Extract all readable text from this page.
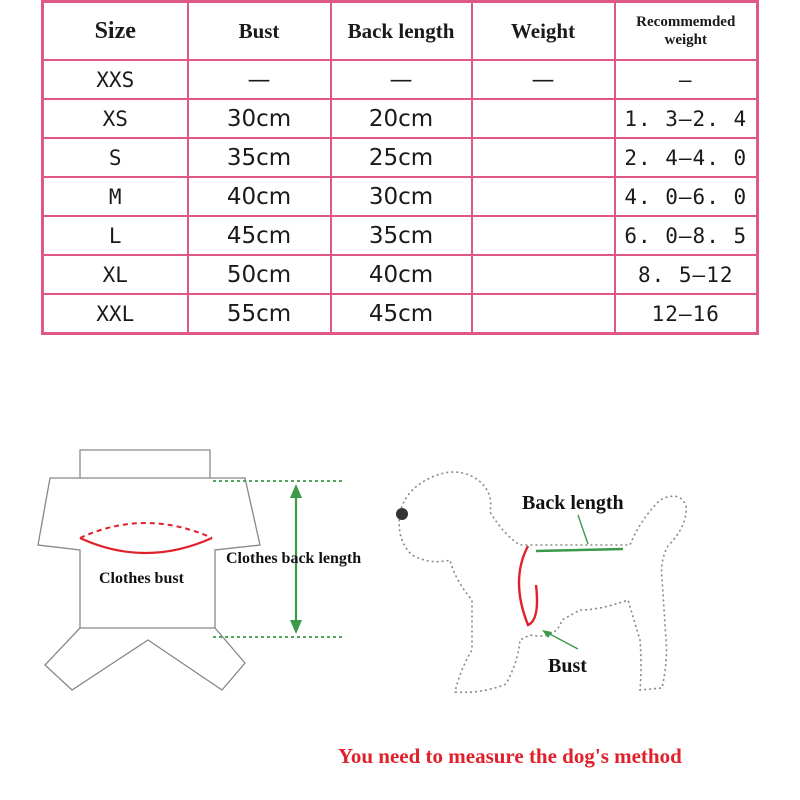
Size	Bust	Back length	Weight	Recommemded weight
XXS	—	—	—	—
XS	30cm	20cm		1. 3–2. 4
S	35cm	25cm		2. 4–4. 0
M	40cm	30cm		4. 0–6. 0
L	45cm	35cm		6. 0–8. 5
XL	50cm	40cm		8. 5–12
XXL	55cm	45cm		12–16
Clothes bust
Clothes back length
Back length
Bust
You need to measure the dog's method
